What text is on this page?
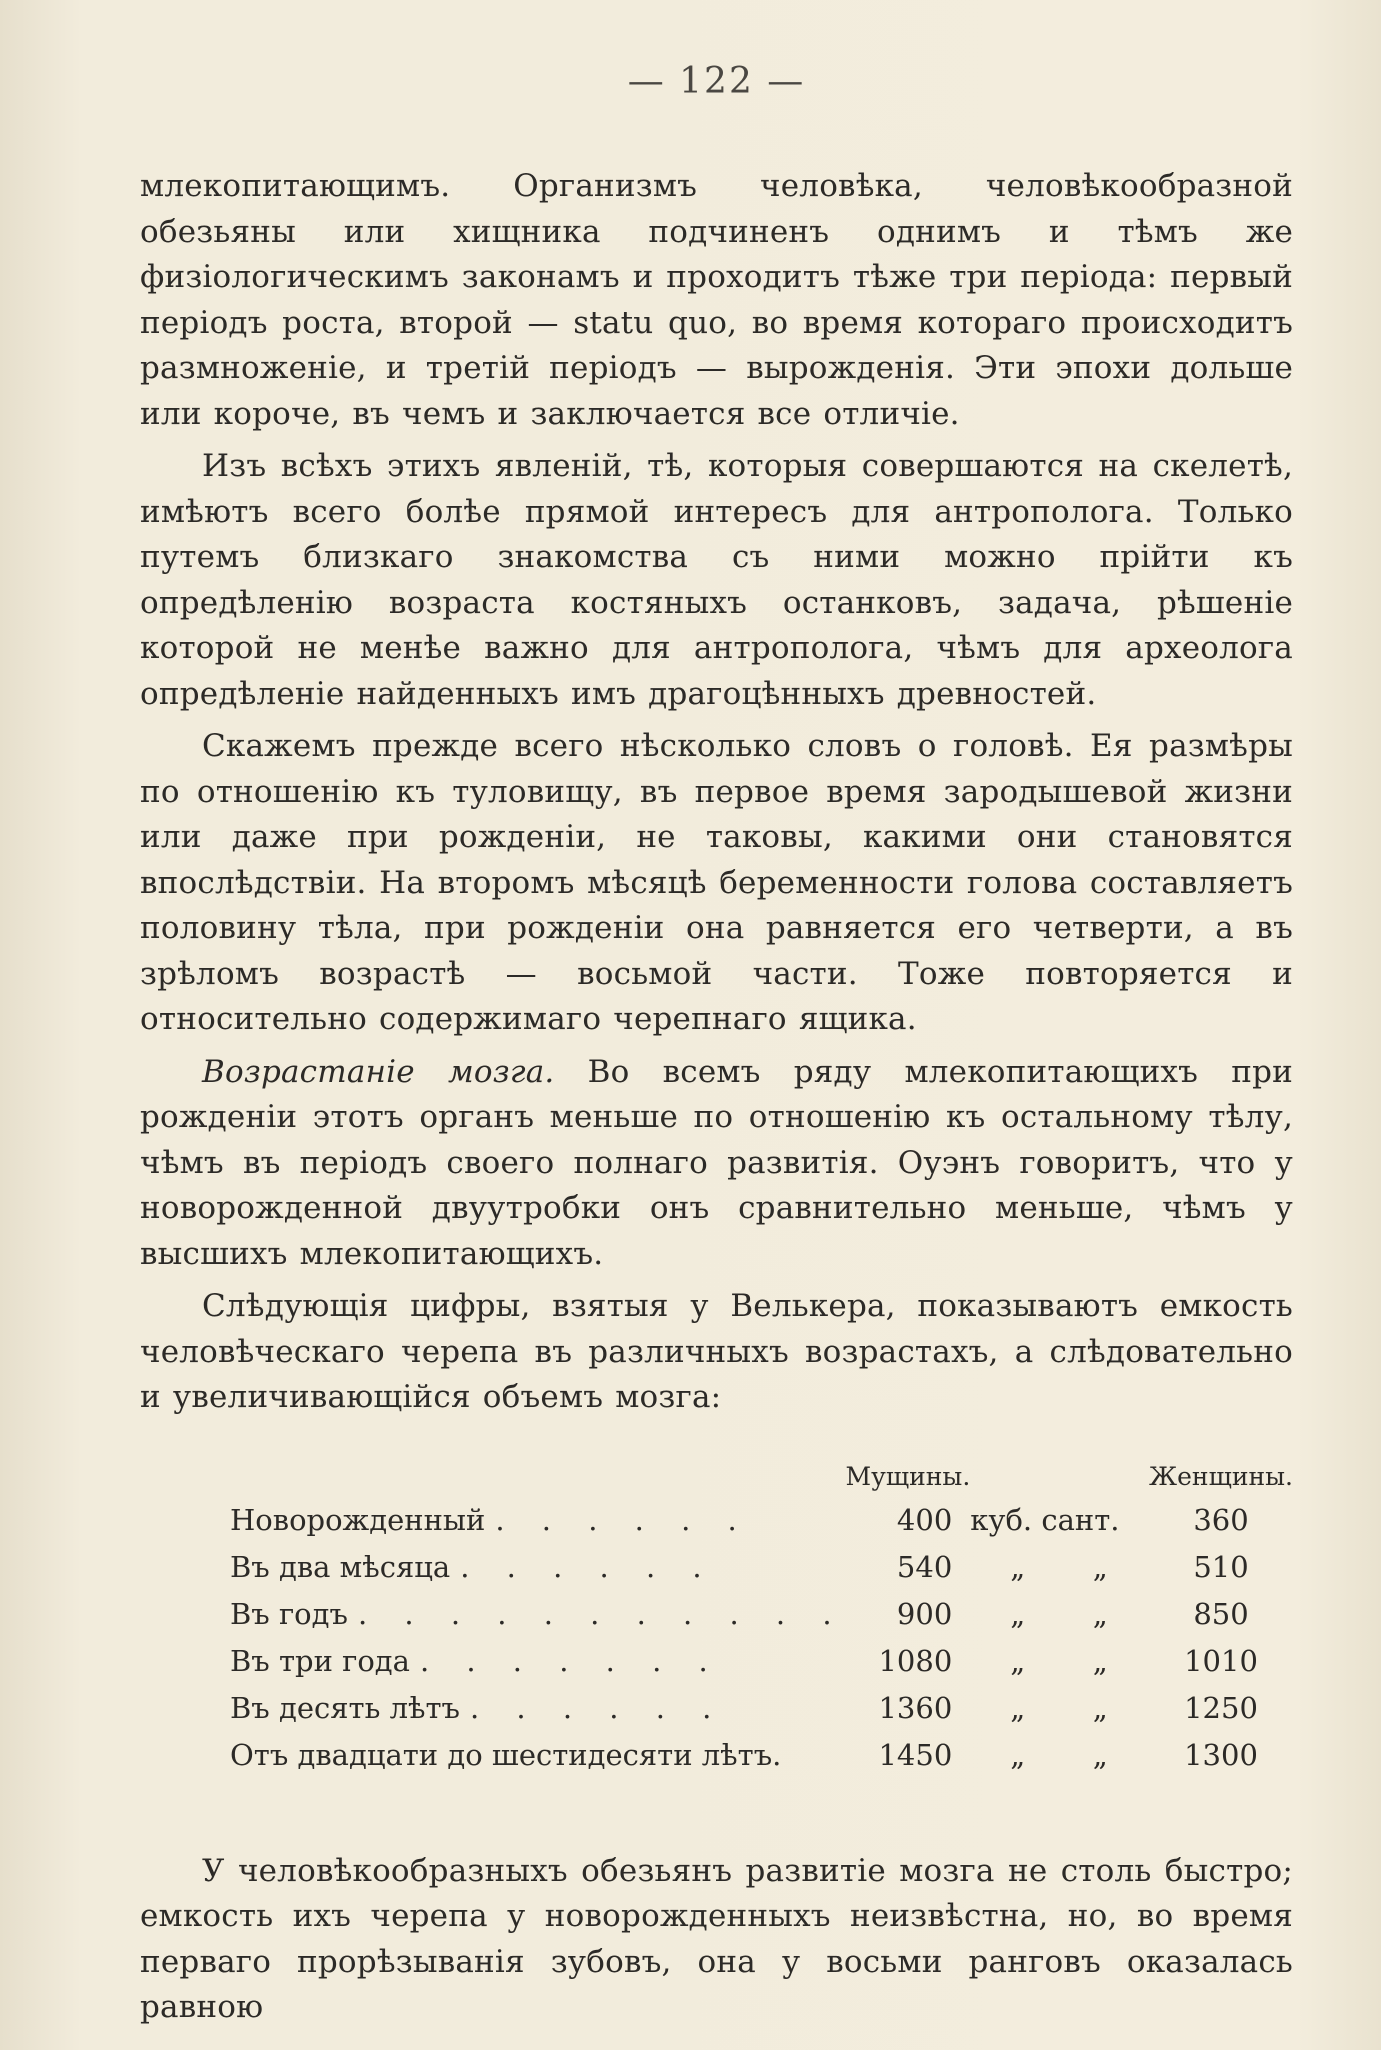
— 122 —

млекопитающимъ. Организмъ человѣка, человѣкообразной обезьяны или хищника подчиненъ однимъ и тѣмъ же физiологическимъ законамъ и проходитъ тѣже три перiода: первый перiодъ роста, второй — statu quo, во время котораго происходитъ размноженiе, и третiй перiодъ — вырожденiя. Эти эпохи дольше или короче, въ чемъ и заключается все отличiе.

Изъ всѣхъ этихъ явленiй, тѣ, которыя совершаются на скелетѣ, имѣютъ всего болѣе прямой интересъ для антрополога. Только путемъ близкаго знакомства съ ними можно прiйти къ опредѣленiю возраста костяныхъ останковъ, задача, рѣшенiе которой не менѣе важно для антрополога, чѣмъ для археолога опредѣленiе найденныхъ имъ драгоцѣнныхъ древностей.

Скажемъ прежде всего нѣсколько словъ о головѣ. Ея размѣры по отношенiю къ туловищу, въ первое время зародышевой жизни или даже при рожденiи, не таковы, какими они становятся впослѣдствiи. На второмъ мѣсяцѣ беременности голова составляетъ половину тѣла, при рожденiи она равняется его четверти, а въ зрѣломъ возрастѣ — восьмой части. Тоже повторяется и относительно содержимаго черепнаго ящика.

Возрастанiе мозга. Во всемъ ряду млекопитающихъ при рожденiи этотъ органъ меньше по отношенiю къ остальному тѣлу, чѣмъ въ перiодъ своего полнаго развитiя. Оуэнъ говоритъ, что у новорожденной двуутробки онъ сравнительно меньше, чѣмъ у высшихъ млекопитающихъ.

Слѣдующiя цифры, взятыя у Велькера, показываютъ емкость человѣческаго черепа въ различныхъ возрастахъ, а слѣдовательно и увеличивающiйся объемъ мозга:

	Мущины.		Женщины.
Новорожденный . . . . . .	400	куб. сант.	360
Въ два мѣсяца . . . . . .	540	„ „	510
Въ годъ . . . . . . . . . . .	900	„ „	850
Въ три года . . . . . . .	1080	„ „	1010
Въ десять лѣтъ . . . . . .	1360	„ „	1250
Отъ двадцати до шестидесяти лѣтъ.	1450	„ „	1300

У человѣкообразныхъ обезьянъ развитiе мозга не столь быстро; емкость ихъ черепа у новорожденныхъ неизвѣстна, но, во время перваго прорѣзыванiя зубовъ, она у восьми ранговъ оказалась равною
